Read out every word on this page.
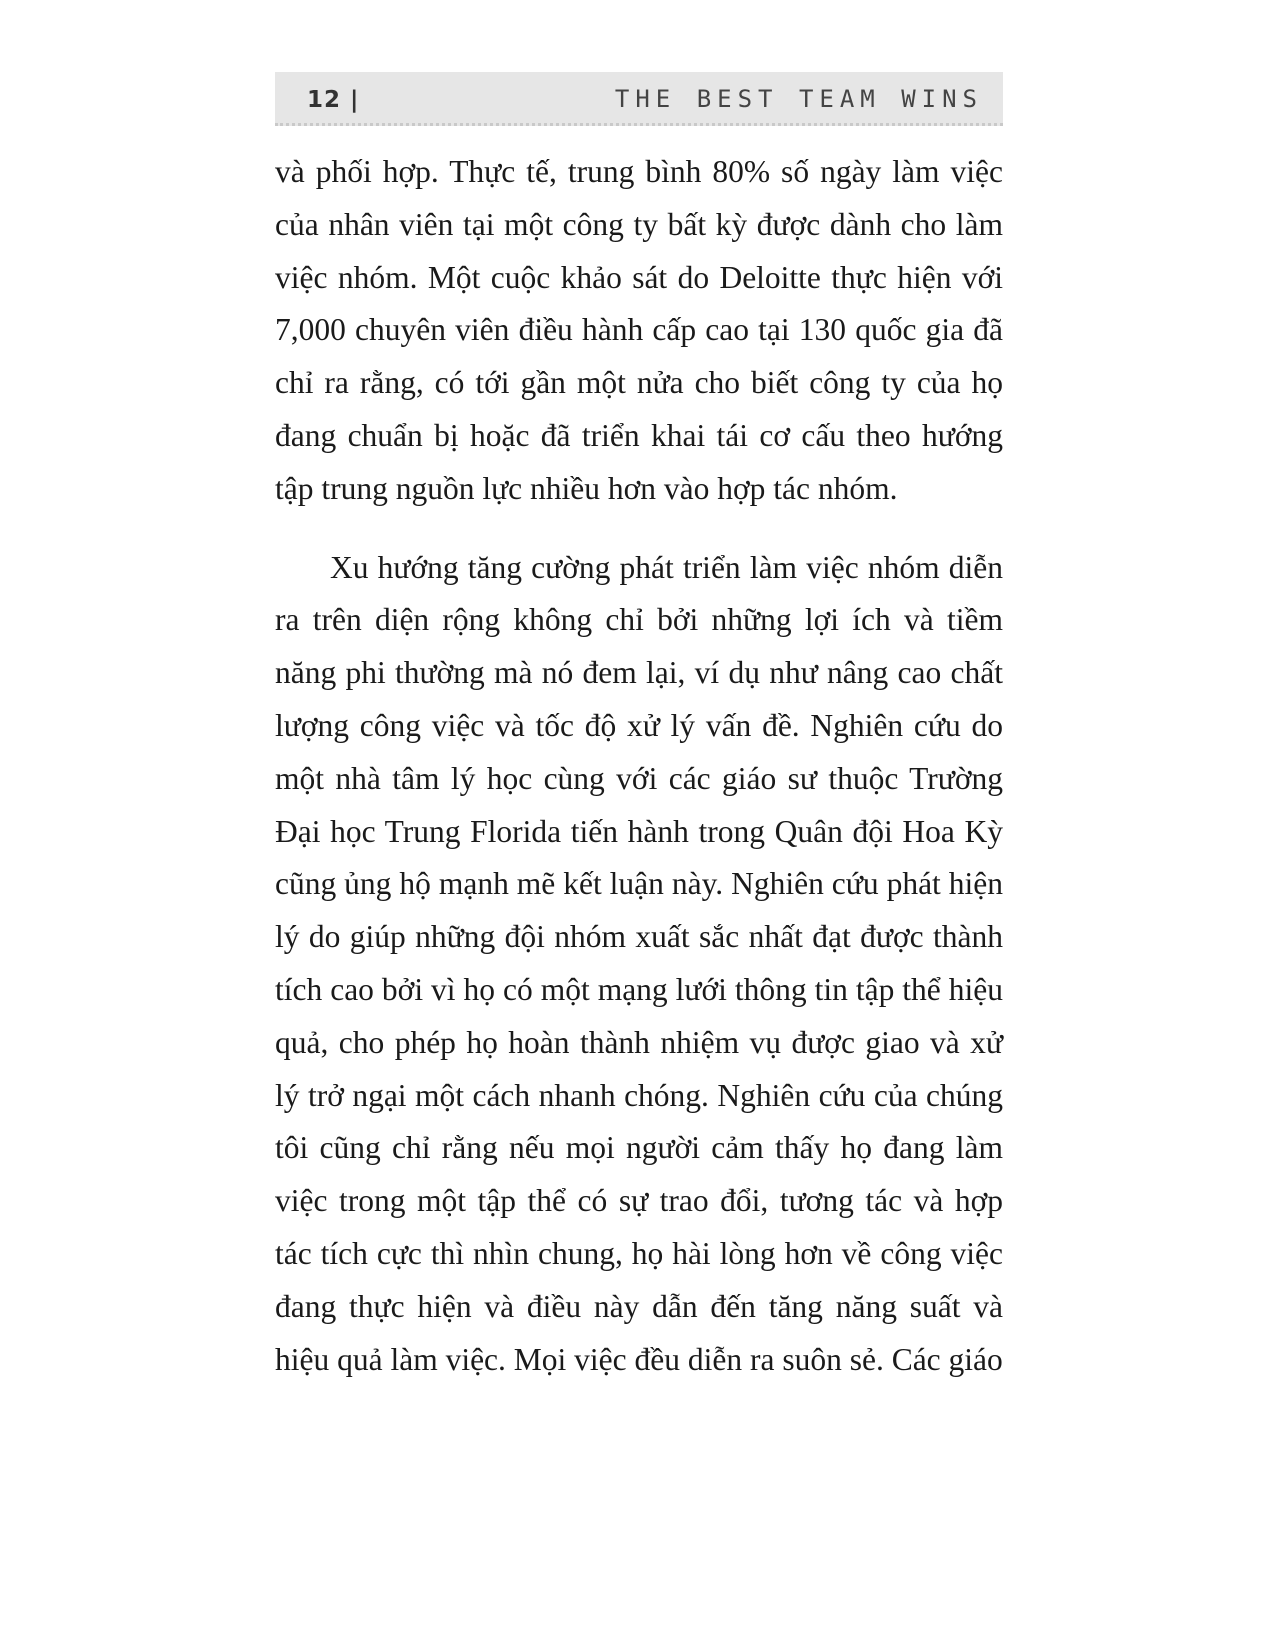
12 |	THE BEST TEAM WINS

và phối hợp. Thực tế, trung bình 80% số ngày làm việc của nhân viên tại một công ty bất kỳ được dành cho làm việc nhóm. Một cuộc khảo sát do Deloitte thực hiện với 7,000 chuyên viên điều hành cấp cao tại 130 quốc gia đã chỉ ra rằng, có tới gần một nửa cho biết công ty của họ đang chuẩn bị hoặc đã triển khai tái cơ cấu theo hướng tập trung nguồn lực nhiều hơn vào hợp tác nhóm.

Xu hướng tăng cường phát triển làm việc nhóm diễn ra trên diện rộng không chỉ bởi những lợi ích và tiềm năng phi thường mà nó đem lại, ví dụ như nâng cao chất lượng công việc và tốc độ xử lý vấn đề. Nghiên cứu do một nhà tâm lý học cùng với các giáo sư thuộc Trường Đại học Trung Florida tiến hành trong Quân đội Hoa Kỳ cũng ủng hộ mạnh mẽ kết luận này. Nghiên cứu phát hiện lý do giúp những đội nhóm xuất sắc nhất đạt được thành tích cao bởi vì họ có một mạng lưới thông tin tập thể hiệu quả, cho phép họ hoàn thành nhiệm vụ được giao và xử lý trở ngại một cách nhanh chóng. Nghiên cứu của chúng tôi cũng chỉ rằng nếu mọi người cảm thấy họ đang làm việc trong một tập thể có sự trao đổi, tương tác và hợp tác tích cực thì nhìn chung, họ hài lòng hơn về công việc đang thực hiện và điều này dẫn đến tăng năng suất và hiệu quả làm việc. Mọi việc đều diễn ra suôn sẻ. Các giáo
